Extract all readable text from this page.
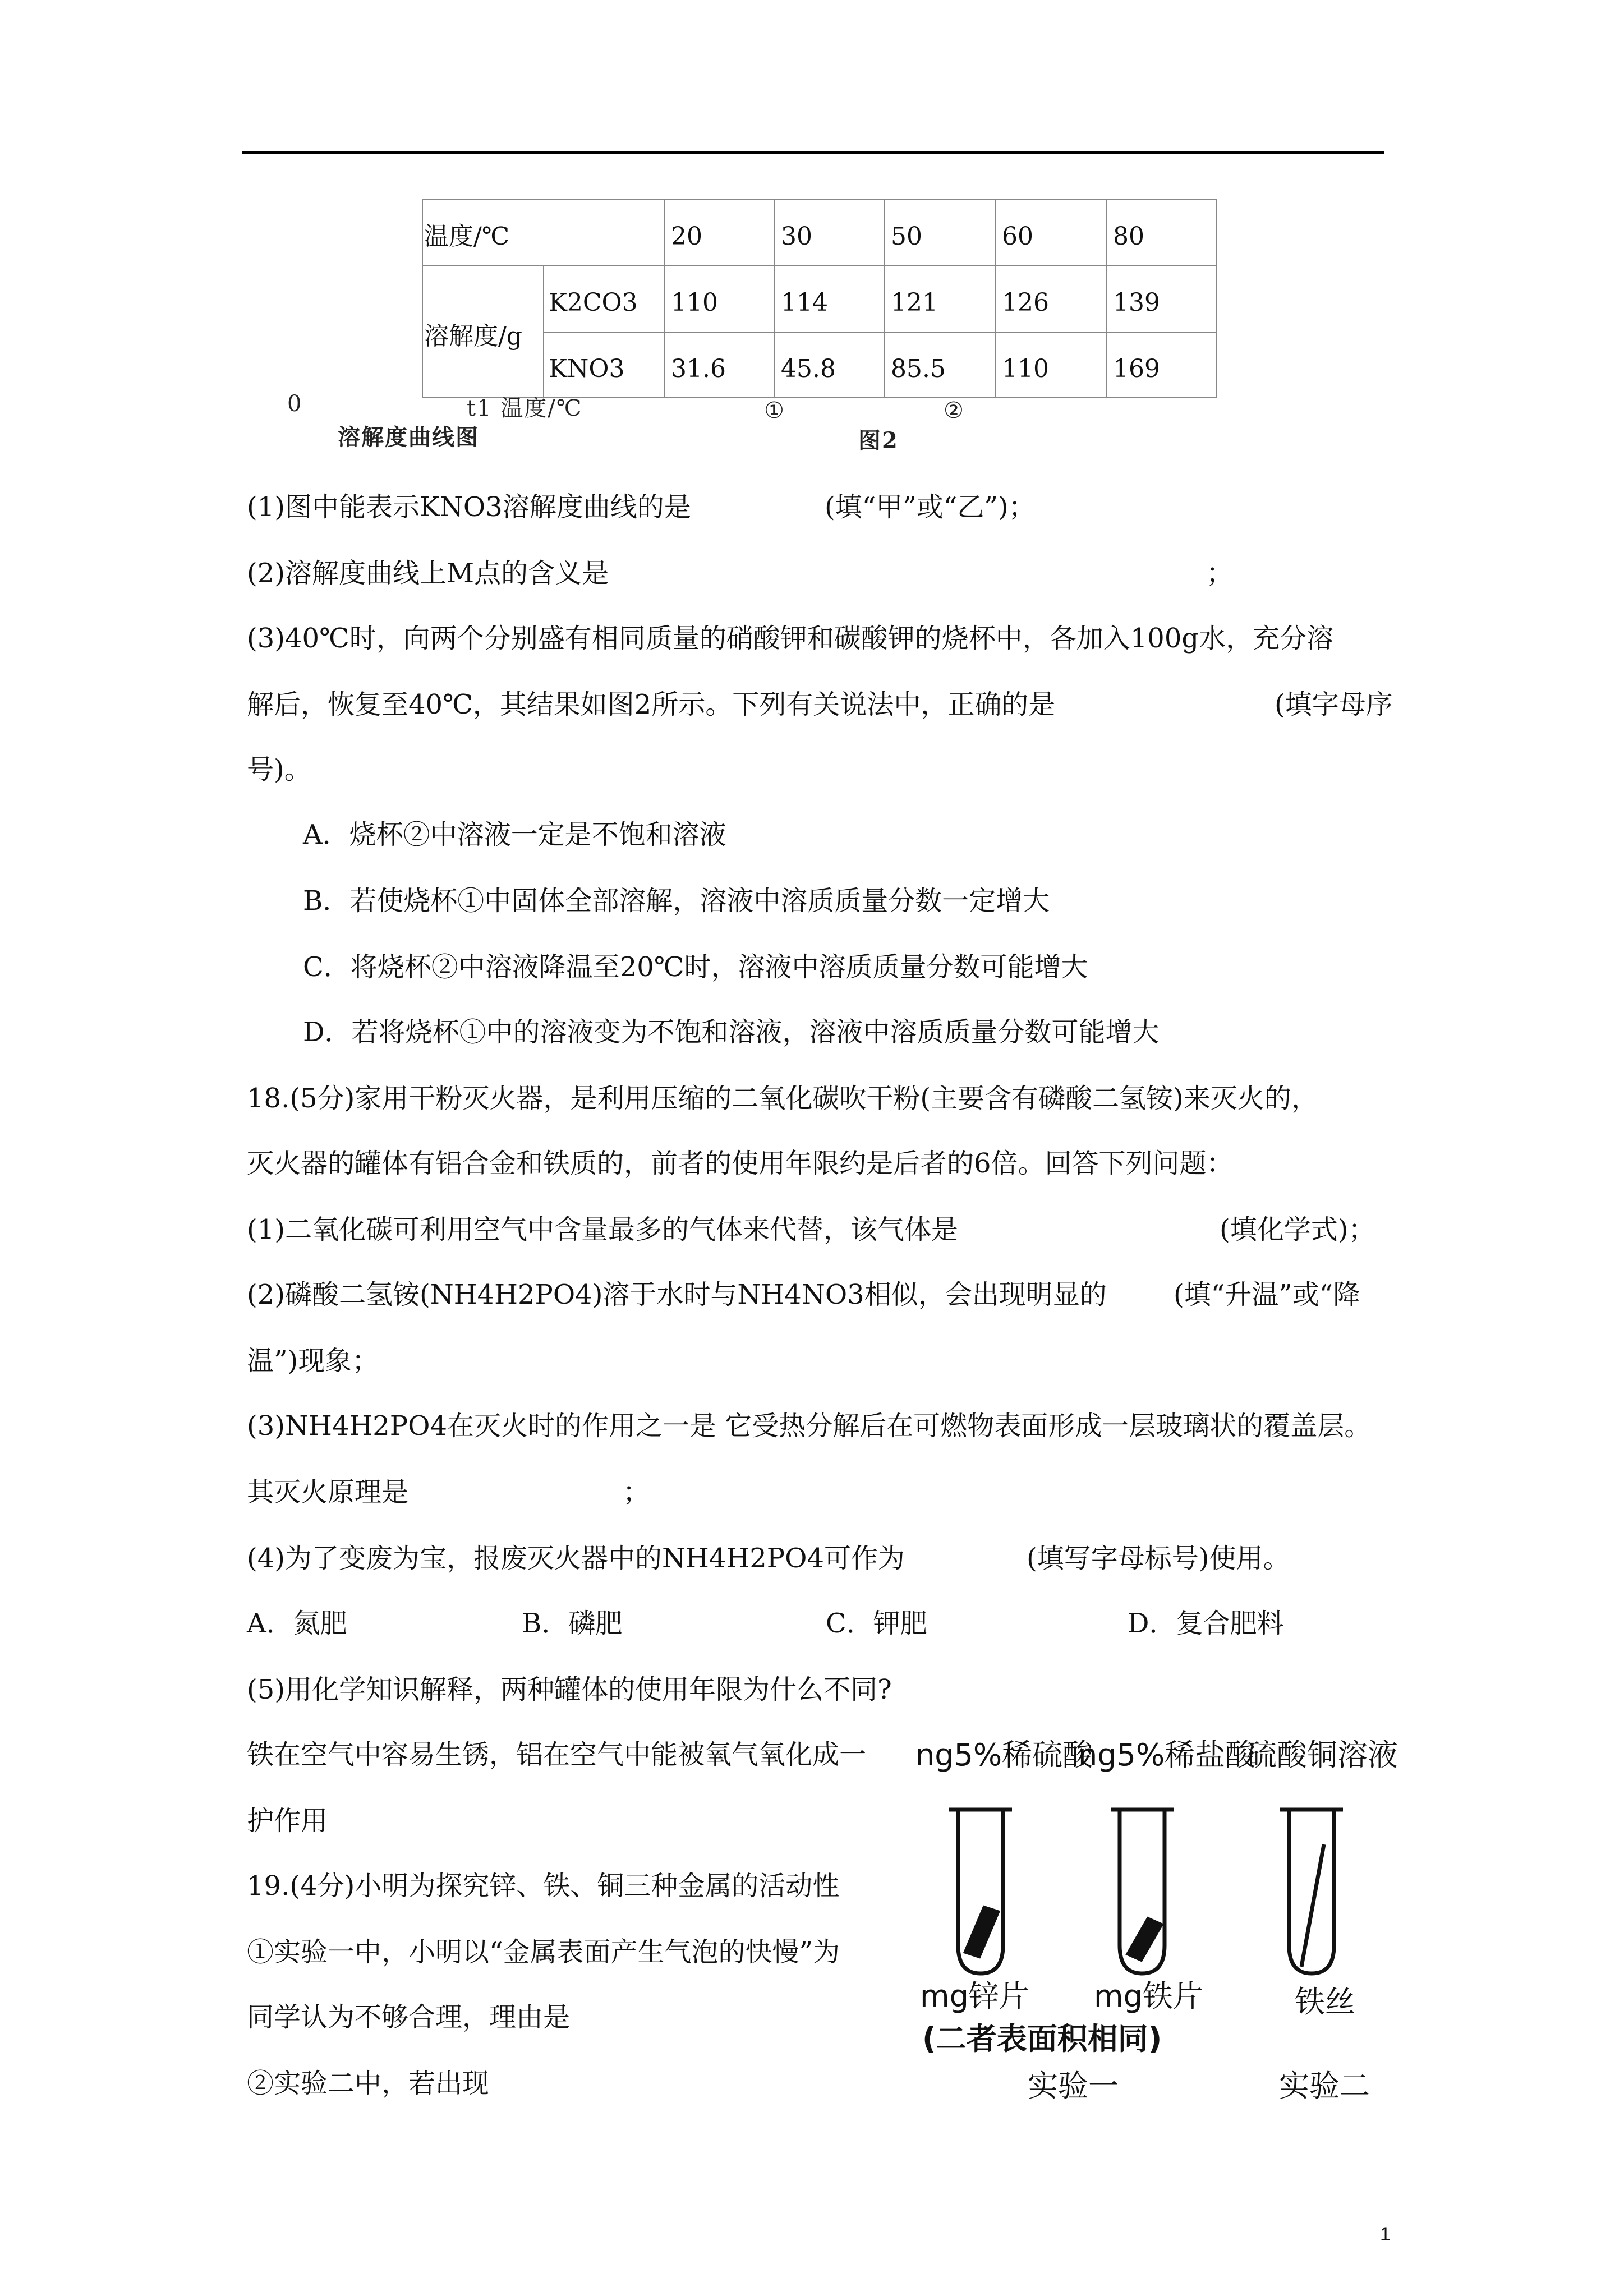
温度/℃	20	30	50	60	80
溶解度/g
K2CO3 110	114	121	126	139
KNO3 31.6 45.8 85.5 110	169
0	t1 温度/℃	①	②
溶解度曲线图	图2
(1)图中能表示KNO3溶解度曲线的是	(填“甲”或“乙”)；
(2)溶解度曲线上M点的含义是	；
(3)40℃时，向两个分别盛有相同质量的硝酸钾和碳酸钾的烧杯中，各加入100g水，充分溶
解后，恢复至40℃，其结果如图2所示。下列有关说法中，正确的是	(填字母序
号)。
A．烧杯②中溶液一定是不饱和溶液
B．若使烧杯①中固体全部溶解，溶液中溶质质量分数一定增大
C．将烧杯②中溶液降温至20℃时，溶液中溶质质量分数可能增大
D．若将烧杯①中的溶液变为不饱和溶液，溶液中溶质质量分数可能增大
18.(5分)家用干粉灭火器，是利用压缩的二氧化碳吹干粉(主要含有磷酸二氢铵)来灭火的，
灭火器的罐体有铝合金和铁质的，前者的使用年限约是后者的6倍。回答下列问题：
(1)二氧化碳可利用空气中含量最多的气体来代替，该气体是	(填化学式)；
(2)磷酸二氢铵(NH4H2PO4)溶于水时与NH4NO3相似，会出现明显的 (填“升温”或“降
温”)现象；
(3)NH4H2PO4在灭火时的作用之一是 它受热分解后在可燃物表面形成一层玻璃状的覆盖层。
其灭火原理是	；
(4)为了变废为宝，报废灭火器中的NH4H2PO4可作为	(填写字母标号)使用。
A．氮肥	B．磷肥	C．钾肥	D．复合肥料
(5)用化学知识解释，两种罐体的使用年限为什么不同?
铁在空气中容易生锈，铝在空气中能被氧气氧化成一
护作用
19.(4分)小明为探究锌、铁、铜三种金属的活动性
①实验一中，小明以“金属表面产生气泡的快慢”为
同学认为不够合理，理由是
②实验二中，若出现
ng5%稀硫酸
ng5%稀盐酸
硫酸铜溶液
mg锌片 mg铁片	铁丝
(二者表面积相同)
实验一	实验二
1
